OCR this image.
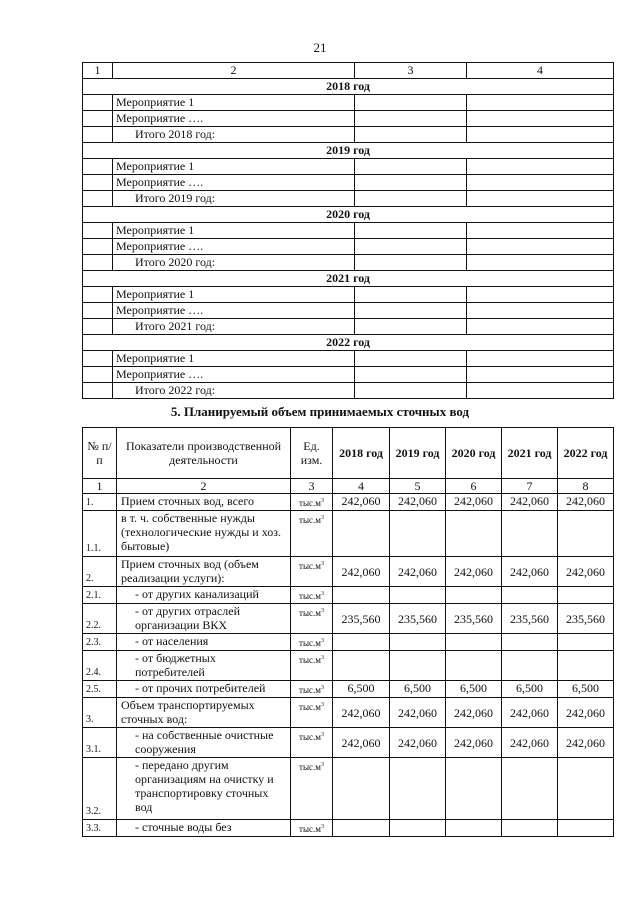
21
1	2	3	4
2018 год			
	Мероприятие 1		
	Мероприятие ….		
	Итого 2018 год:		
2019 год			
	Мероприятие 1		
	Мероприятие ….		
	Итого 2019 год:		
2020 год			
	Мероприятие 1		
	Мероприятие ….		
	Итого 2020 год:		
2021 год			
	Мероприятие 1		
	Мероприятие ….		
	Итого 2021 год:		
2022 год			
	Мероприятие 1		
	Мероприятие ….		
	Итого 2022 год:		
5. Планируемый объем принимаемых сточных вод
№ п/п	Показатели производственной деятельности	Ед. изм.	2018 год	2019 год	2020 год	2021 год	2022 год
1	2	3	4	5	6	7	8
1.	Прием сточных вод, всего	$тыс.м^3$	242,060	242,060	242,060	242,060	242,060
1.1.	в т. ч. собственные нужды (технологические нужды и хоз. бытовые)	$тыс.м^3$					
2.	Прием сточных вод (объем реализации услуги):	$тыс.м^3$	242,060	242,060	242,060	242,060	242,060
2.1.	- от других канализаций	$тыс.м^3$					
2.2.	- от других отраслей организации ВКХ	$тыс.м^3$	235,560	235,560	235,560	235,560	235,560
2.3.	- от населения	$тыс.м^3$					
2.4.	- от бюджетных потребителей	$тыс.м^3$					
2.5.	- от прочих потребителей	$тыс.м^3$	6,500	6,500	6,500	6,500	6,500
3.	Объем транспортируемых сточных вод:	$тыс.м^3$	242,060	242,060	242,060	242,060	242,060
3.1.	- на собственные очистные сооружения	$тыс.м^3$	242,060	242,060	242,060	242,060	242,060
3.2.	- передано другим организациям на очистку и транспортировку сточных вод	$тыс.м^3$					
3.3.	- сточные воды без	$тыс.м^3$					
